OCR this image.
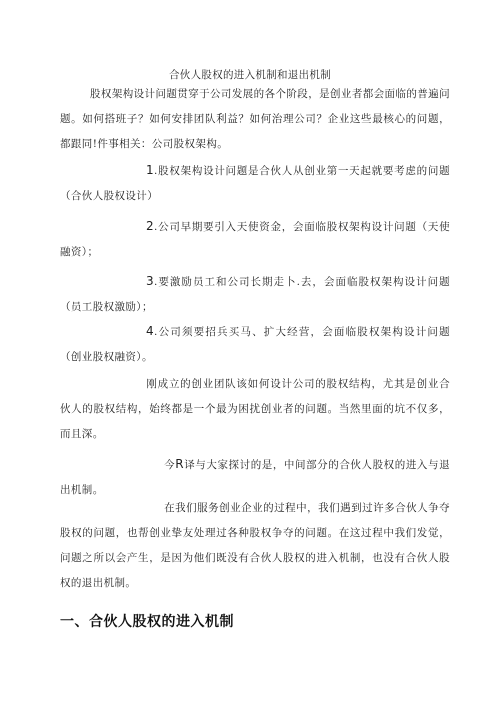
合伙人股权的进入机制和退出机制
股权架构设计问题贯穿于公司发展的各个阶段，是创业者都会面临的普遍问题。如何搭班子？如何安排团队利益？如何治理公司？企业这些最核心的问题，都跟同!件事相关：公司股权架构。
1.股权架构设计问题是合伙人从创业第一天起就要考虑的问题（合伙人股权设计）
2.公司早期要引入天使资金，会面临股权架构设计问题（天使融资）；
3.要激励员工和公司长期走卜.去，会面临股权架构设计问题（员工股权激励）；
4.公司须要招兵买马、扩大经营，会面临股权架构设计问题（创业股权融资）。
刚成立的创业团队该如何设计公司的股权结构，尤其是创业合伙人的股权结构，始终都是一个最为困扰创业者的问题。当然里面的坑不仅多，而且深。
今R译与大家探讨的是，中间部分的合伙人股权的进入与退出机制。
在我们服务创业企业的过程中，我们遇到过许多合伙人争夺股权的问题，也帮创业挚友处理过各种股权争夺的问题。在这过程中我们发觉，问题之所以会产生，是因为他们既没有合伙人股权的进入机制，也没有合伙人股权的退出机制。
一、合伙人股权的进入机制
